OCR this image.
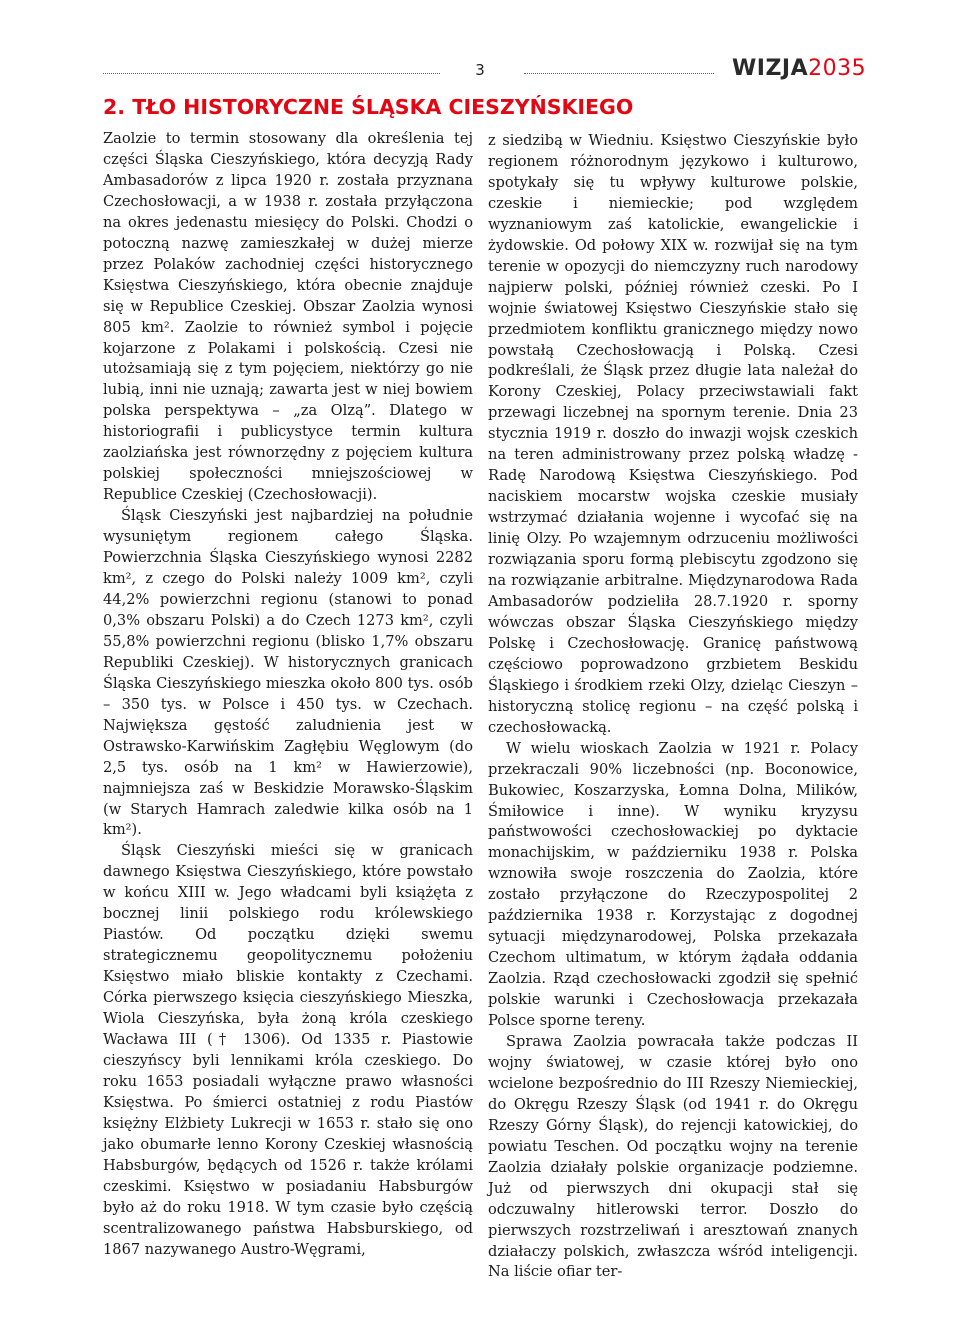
3	WIZJA2035
2. TŁO HISTORYCZNE ŚLĄSKA CIESZYŃSKIEGO

Zaolzie to termin stosowany dla określenia tej części Śląska Cieszyńskiego, która decyzją Rady Ambasadorów z lipca 1920 r. została przyznana Czechosłowacji, a w 1938 r. została przyłączona na okres jedenastu miesięcy do Polski. Chodzi o potoczną nazwę zamieszkałej w dużej mierze przez Polaków zachodniej części historycznego Księstwa Cieszyńskiego, która obecnie znajduje się w Republice Czeskiej. Obszar Zaolzia wynosi 805 km². Zaolzie to również symbol i pojęcie kojarzone z Polakami i polskością. Czesi nie utożsamiają się z tym pojęciem, niektórzy go nie lubią, inni nie uznają; zawarta jest w niej bowiem polska perspektywa – „za Olzą”. Dlatego w historiografii i publicystyce termin kultura zaolziańska jest równorzędny z pojęciem kultura polskiej społeczności mniejszościowej w Republice Czeskiej (Czechosłowacji).

Śląsk Cieszyński jest najbardziej na południe wysuniętym regionem całego Śląska. Powierzchnia Śląska Cieszyńskiego wynosi 2282 km², z czego do Polski należy 1009 km², czyli 44,2% powierzchni regionu (stanowi to ponad 0,3% obszaru Polski) a do Czech 1273 km², czyli 55,8% powierzchni regionu (blisko 1,7% obszaru Republiki Czeskiej). W historycznych granicach Śląska Cieszyńskiego mieszka około 800 tys. osób – 350 tys. w Polsce i 450 tys. w Czechach. Największa gęstość zaludnienia jest w Ostrawsko-Karwińskim Zagłębiu Węglowym (do 2,5 tys. osób na 1 km² w Hawierzowie), najmniejsza zaś w Beskidzie Morawsko-Śląskim (w Starych Hamrach zaledwie kilka osób na 1 km²).

Śląsk Cieszyński mieści się w granicach dawnego Księstwa Cieszyńskiego, które powstało w końcu XIII w. Jego władcami byli książęta z bocznej linii polskiego rodu królewskiego Piastów. Od początku dzięki swemu strategicznemu geopolitycznemu położeniu Księstwo miało bliskie kontakty z Czechami. Córka pierwszego księcia cieszyńskiego Mieszka, Wiola Cieszyńska, była żoną króla czeskiego Wacława III († 1306). Od 1335 r. Piastowie cieszyńscy byli lennikami króla czeskiego. Do roku 1653 posiadali wyłączne prawo własności Księstwa. Po śmierci ostatniej z rodu Piastów księżny Elżbiety Lukrecji w 1653 r. stało się ono jako obumarłe lenno Korony Czeskiej własnością Habsburgów, będących od 1526 r. także królami czeskimi. Księstwo w posiadaniu Habsburgów było aż do roku 1918. W tym czasie było częścią scentralizowanego państwa Habsburskiego, od 1867 nazywanego Austro-Węgrami,

z siedzibą w Wiedniu. Księstwo Cieszyńskie było regionem różnorodnym językowo i kulturowo, spotykały się tu wpływy kulturowe polskie, czeskie i niemieckie; pod względem wyznaniowym zaś katolickie, ewangelickie i żydowskie. Od połowy XIX w. rozwijał się na tym terenie w opozycji do niemczyzny ruch narodowy najpierw polski, później również czeski. Po I wojnie światowej Księstwo Cieszyńskie stało się przedmiotem konfliktu granicznego między nowo powstałą Czechosłowacją i Polską. Czesi podkreślali, że Śląsk przez długie lata należał do Korony Czeskiej, Polacy przeciwstawiali fakt przewagi liczebnej na spornym terenie. Dnia 23 stycznia 1919 r. doszło do inwazji wojsk czeskich na teren administrowany przez polską władzę - Radę Narodową Księstwa Cieszyńskiego. Pod naciskiem mocarstw wojska czeskie musiały wstrzymać działania wojenne i wycofać się na linię Olzy. Po wzajemnym odrzuceniu możliwości rozwiązania sporu formą plebiscytu zgodzono się na rozwiązanie arbitralne. Międzynarodowa Rada Ambasadorów podzieliła 28.7.1920 r. sporny wówczas obszar Śląska Cieszyńskiego między Polskę i Czechosłowację. Granicę państwową częściowo poprowadzono grzbietem Beskidu Śląskiego i środkiem rzeki Olzy, dzieląc Cieszyn – historyczną stolicę regionu – na część polską i czechosłowacką.

W wielu wioskach Zaolzia w 1921 r. Polacy przekraczali 90% liczebności (np. Boconowice, Bukowiec, Koszarzyska, Łomna Dolna, Milików, Śmiłowice i inne). W wyniku kryzysu państwowości czechosłowackiej po dyktacie monachijskim, w październiku 1938 r. Polska wznowiła swoje roszczenia do Zaolzia, które zostało przyłączone do Rzeczypospolitej 2 października 1938 r. Korzystając z dogodnej sytuacji międzynarodowej, Polska przekazała Czechom ultimatum, w którym żądała oddania Zaolzia. Rząd czechosłowacki zgodził się spełnić polskie warunki i Czechosłowacja przekazała Polsce sporne tereny.

Sprawa Zaolzia powracała także podczas II wojny światowej, w czasie której było ono wcielone bezpośrednio do III Rzeszy Niemieckiej, do Okręgu Rzeszy Śląsk (od 1941 r. do Okręgu Rzeszy Górny Śląsk), do rejencji katowickiej, do powiatu Teschen. Od początku wojny na terenie Zaolzia działały polskie organizacje podziemne. Już od pierwszych dni okupacji stał się odczuwalny hitlerowski terror. Doszło do pierwszych rozstrzeliwań i aresztowań znanych działaczy polskich, zwłaszcza wśród inteligencji. Na liście ofiar ter-
